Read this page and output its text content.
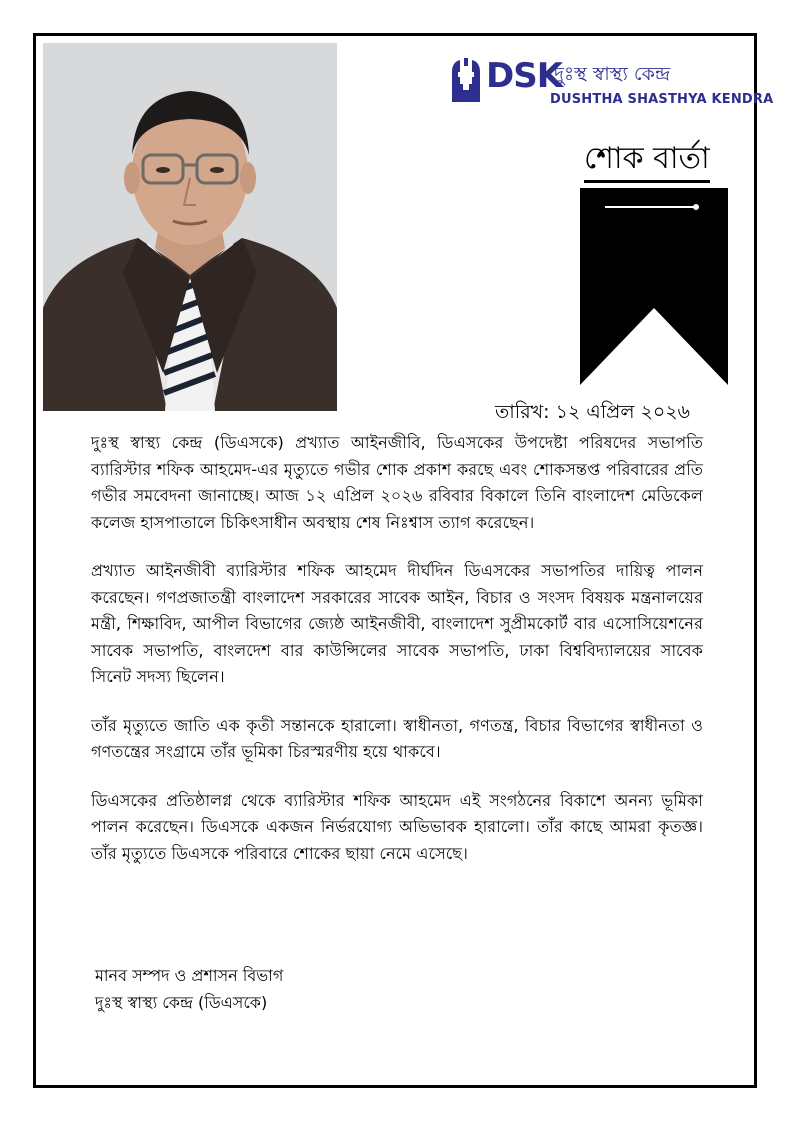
DSK
দুঃস্থ স্বাস্থ্য কেন্দ্র
DUSHTHA SHASTHYA KENDRA
শোক বার্তা
তারিখ: ১২ এপ্রিল ২০২৬

দুঃস্থ স্বাস্থ্য কেন্দ্র (ডিএসকে) প্রখ্যাত আইনজীবি, ডিএসকের উপদেষ্টা পরিষদের সভাপতি ব্যারিস্টার শফিক আহমেদ-এর মৃত্যুতে গভীর শোক প্রকাশ করছে এবং শোকসন্তপ্ত পরিবারের প্রতি গভীর সমবেদনা জানাচ্ছে। আজ ১২ এপ্রিল ২০২৬ রবিবার বিকালে তিনি বাংলাদেশ মেডিকেল কলেজ হাসপাতালে চিকিৎসাধীন অবস্থায় শেষ নিঃশ্বাস ত্যাগ করেছেন।

প্রখ্যাত আইনজীবী ব্যারিস্টার শফিক আহমেদ দীর্ঘদিন ডিএসকের সভাপতির দায়িত্ব পালন করেছেন। গণপ্রজাতন্ত্রী বাংলাদেশ সরকারের সাবেক আইন, বিচার ও সংসদ বিষয়ক মন্ত্রনালয়ের মন্ত্রী, শিক্ষাবিদ, আপীল বিভাগের জ্যেষ্ঠ আইনজীবী, বাংলাদেশ সুপ্রীমকোর্ট বার এসোসিয়েশনের সাবেক সভাপতি, বাংলদেশ বার কাউন্সিলের সাবেক সভাপতি, ঢাকা বিশ্ববিদ্যালয়ের সাবেক সিনেট সদস্য ছিলেন।

তাঁর মৃত্যুতে জাতি এক কৃতী সন্তানকে হারালো। স্বাধীনতা, গণতন্ত্র, বিচার বিভাগের স্বাধীনতা ও গণতন্ত্রের সংগ্রামে তাঁর ভূমিকা চিরস্মরণীয় হয়ে থাকবে।

ডিএসকের প্রতিষ্ঠালগ্ন থেকে ব্যারিস্টার শফিক আহমেদ এই সংগঠনের বিকাশে অনন্য ভূমিকা পালন করেছেন। ডিএসকে একজন নির্ভরযোগ্য অভিভাবক হারালো। তাঁর কাছে আমরা কৃতজ্ঞ। তাঁর মৃত্যুতে ডিএসকে পরিবারে শোকের ছায়া নেমে এসেছে।

মানব সম্পদ ও প্রশাসন বিভাগ
দুঃস্থ স্বাস্থ্য কেন্দ্র (ডিএসকে)
